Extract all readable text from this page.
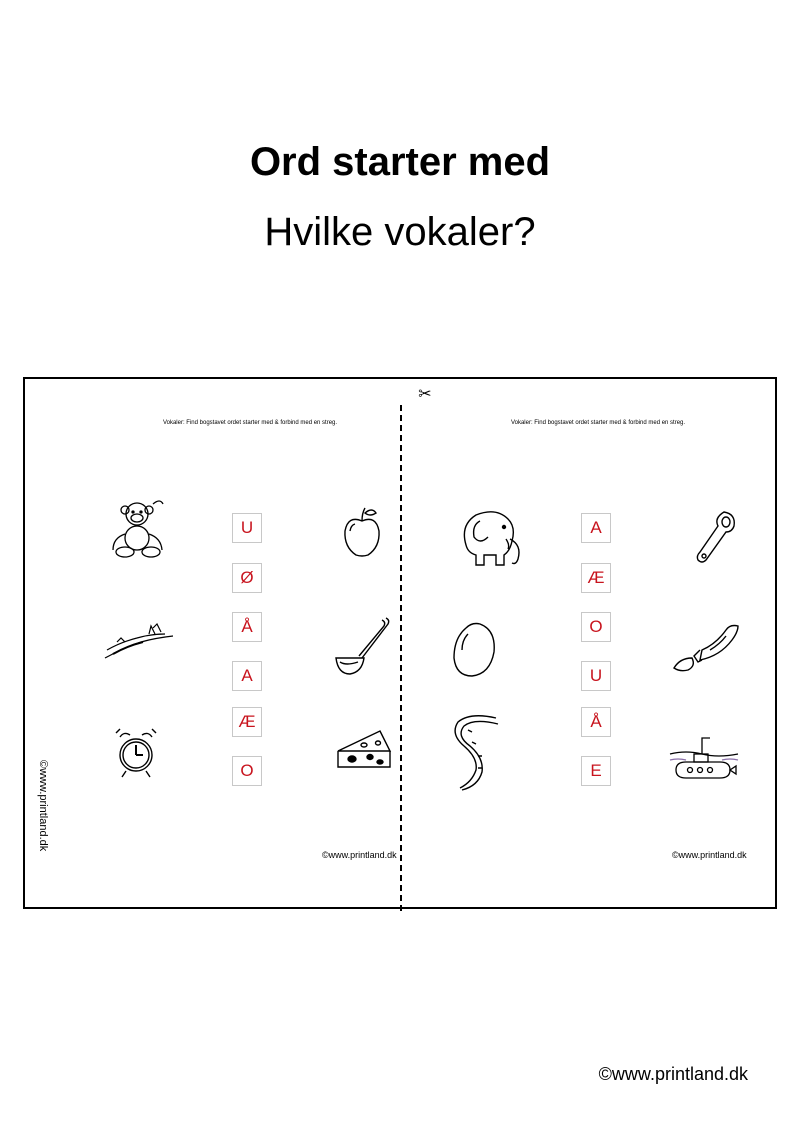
Ord starter med
Hvilke vokaler?
✂
Vokaler: Find bogstavet ordet starter med & forbind med en streg.
U
Ø
Å
A
Æ
O
©www.printland.dk
Vokaler: Find bogstavet ordet starter med & forbind med en streg.
A
Æ
O
U
Å
E
©www.printland.dk
©www.printland.dk
©www.printland.dk
